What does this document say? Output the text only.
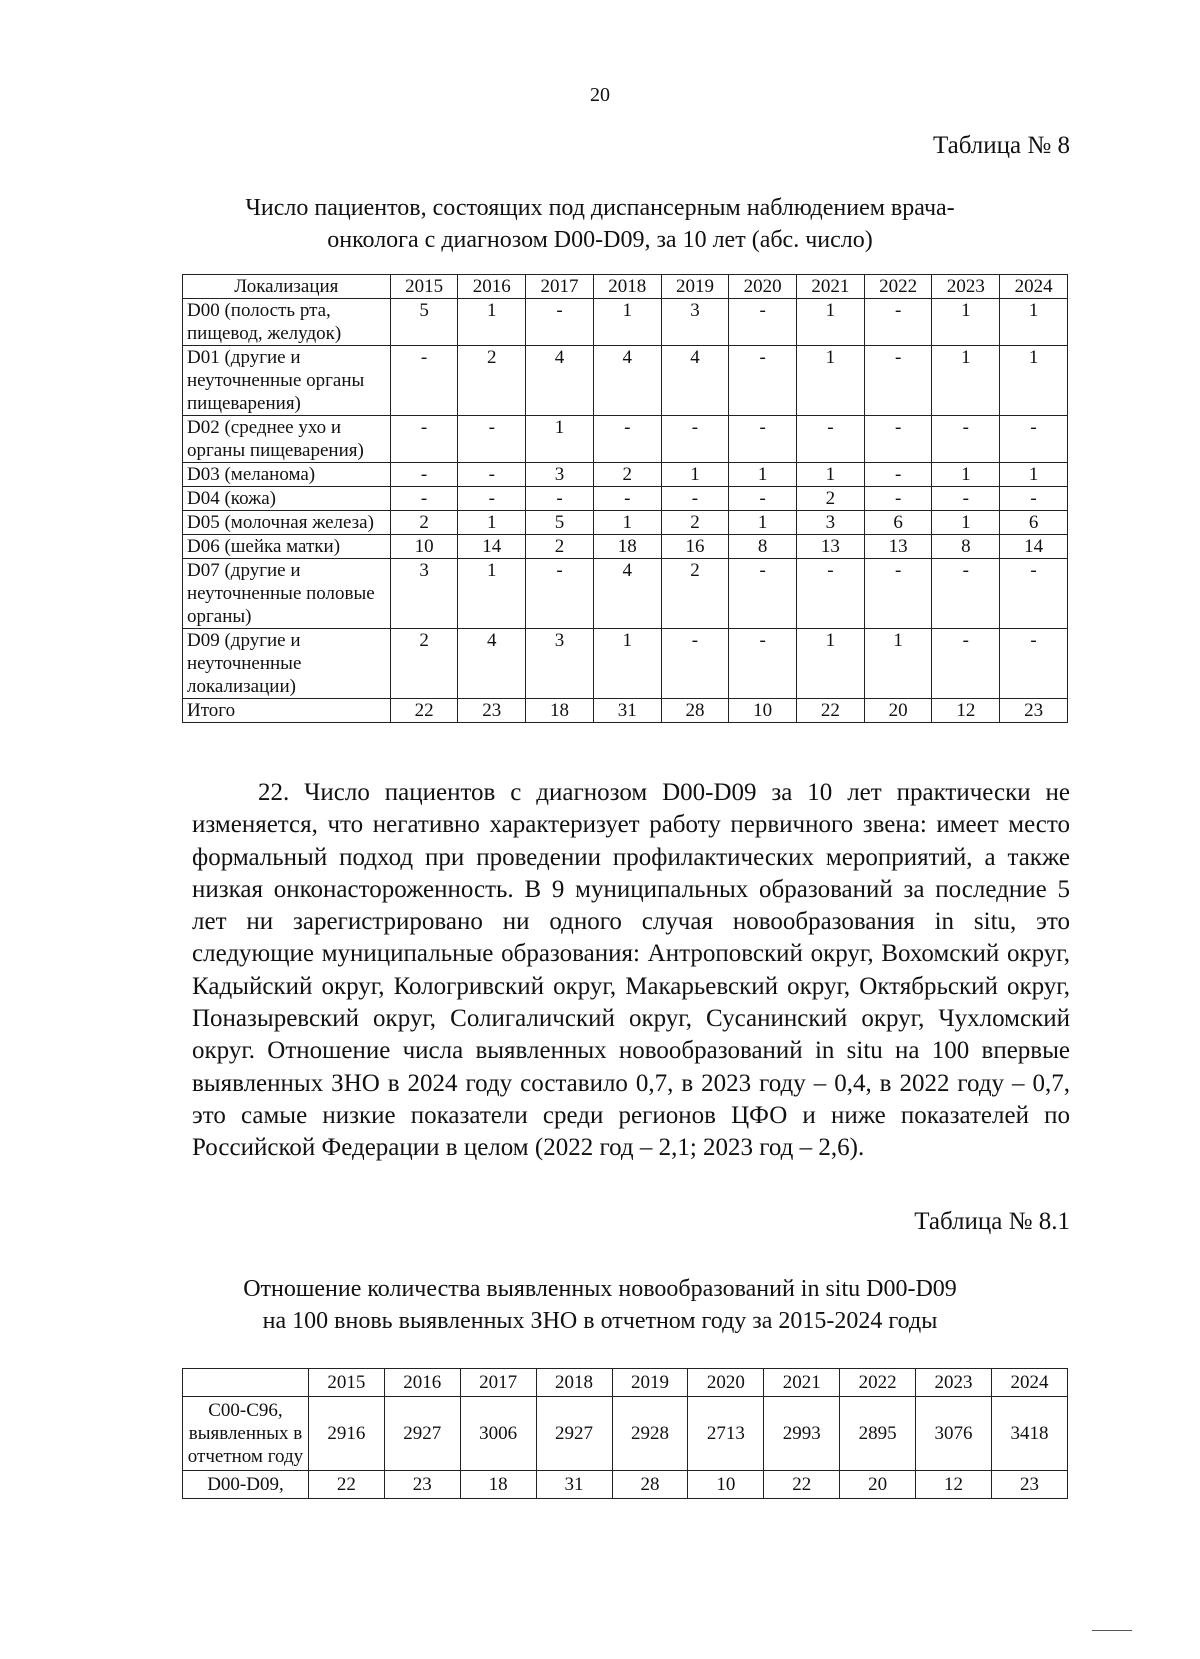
20
Таблица № 8
Число пациентов, состоящих под диспансерным наблюдением врача-
онколога с диагнозом D00-D09, за 10 лет (абс. число)
Локализация	2015	2016	2017	2018	2019	2020	2021	2022	2023	2024
D00 (полость рта, пищевод, желудок)	5	1	-	1	3	-	1	-	1	1
D01 (другие и неуточненные органы пищеварения)	-	2	4	4	4	-	1	-	1	1
D02 (среднее ухо и органы пищеварения)	-	-	1	-	-	-	-	-	-	-
D03 (меланома)	-	-	3	2	1	1	1	-	1	1
D04 (кожа)	-	-	-	-	-	-	2	-	-	-
D05 (молочная железа)	2	1	5	1	2	1	3	6	1	6
D06 (шейка матки)	10	14	2	18	16	8	13	13	8	14
D07 (другие и неуточненные половые органы)	3	1	-	4	2	-	-	-	-	-
D09 (другие и неуточненные локализации)	2	4	3	1	-	-	1	1	-	-
Итого	22	23	18	31	28	10	22	20	12	23

22. Число пациентов с диагнозом D00-D09 за 10 лет практически не изменяется, что негативно характеризует работу первичного звена: имеет место формальный подход при проведении профилактических мероприятий, а также низкая онконастороженность. В 9 муниципальных образований за последние 5 лет ни зарегистрировано ни одного случая новообразования in situ, это следующие муниципальные образования: Антроповский округ, Вохомский округ, Кадыйский округ, Кологривский округ, Макарьевский округ, Октябрьский округ, Поназыревский округ, Солигаличский округ, Сусанинский округ, Чухломский округ. Отношение числа выявленных новообразований in situ на 100 впервые выявленных ЗНО в 2024 году составило 0,7, в 2023 году – 0,4, в 2022 году – 0,7, это самые низкие показатели среди регионов ЦФО и ниже показателей по Российской Федерации в целом (2022 год – 2,1; 2023 год – 2,6).

Таблица № 8.1
Отношение количества выявленных новообразований in situ D00-D09
на 100 вновь выявленных ЗНО в отчетном году за 2015-2024 годы
	2015	2016	2017	2018	2019	2020	2021	2022	2023	2024
С00-С96, выявленных в отчетном году	2916	2927	3006	2927	2928	2713	2993	2895	3076	3418
D00-D09,	22	23	18	31	28	10	22	20	12	23
